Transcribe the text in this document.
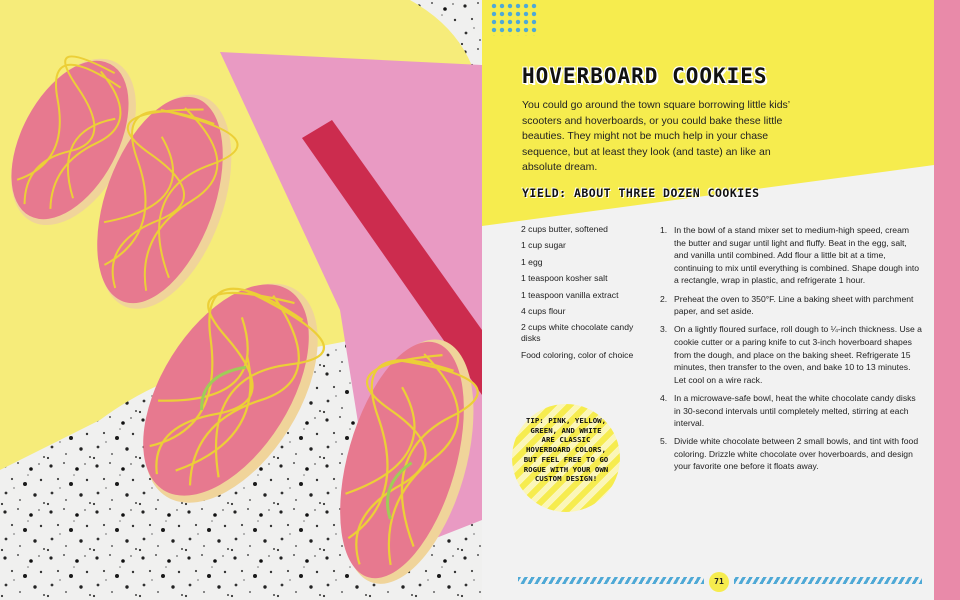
HOVERBOARD COOKIES

You could go around the town square borrowing little kids’ scooters and hoverboards, or you could bake these little beauties. They might not be much help in your chase sequence, but at least they look (and taste) an like an absolute dream.

YIELD: ABOUT THREE DOZEN COOKIES
2 cups butter, softened
1 cup sugar
1 egg
1 teaspoon kosher salt
1 teaspoon vanilla extract
4 cups flour
2 cups white chocolate candy disks
Food coloring, color of choice
1. In the bowl of a stand mixer set to medium-high speed, cream the butter and sugar until light and fluffy. Beat in the egg, salt, and vanilla until combined. Add flour a little bit at a time, continuing to mix until everything is combined. Shape dough into a rectangle, wrap in plastic, and refrigerate 1 hour.
2. Preheat the oven to 350°F. Line a baking sheet with parchment paper, and set aside.
3. On a lightly floured surface, roll dough to ¼-inch thickness. Use a cookie cutter or a paring knife to cut 3-inch hoverboard shapes from the dough, and place on the baking sheet. Refrigerate 15 minutes, then transfer to the oven, and bake 10 to 13 minutes. Let cool on a wire rack.
4. In a microwave-safe bowl, heat the white chocolate candy disks in 30-second intervals until completely melted, stirring at each interval.
5. Divide white chocolate between 2 small bowls, and tint with food coloring. Drizzle white chocolate over hoverboards, and design your favorite one before it floats away.

TIP: PINK, YELLOW, GREEN, AND WHITE ARE CLASSIC HOVERBOARD COLORS, BUT FEEL FREE TO GO ROGUE WITH YOUR OWN CUSTOM DESIGN!

71
